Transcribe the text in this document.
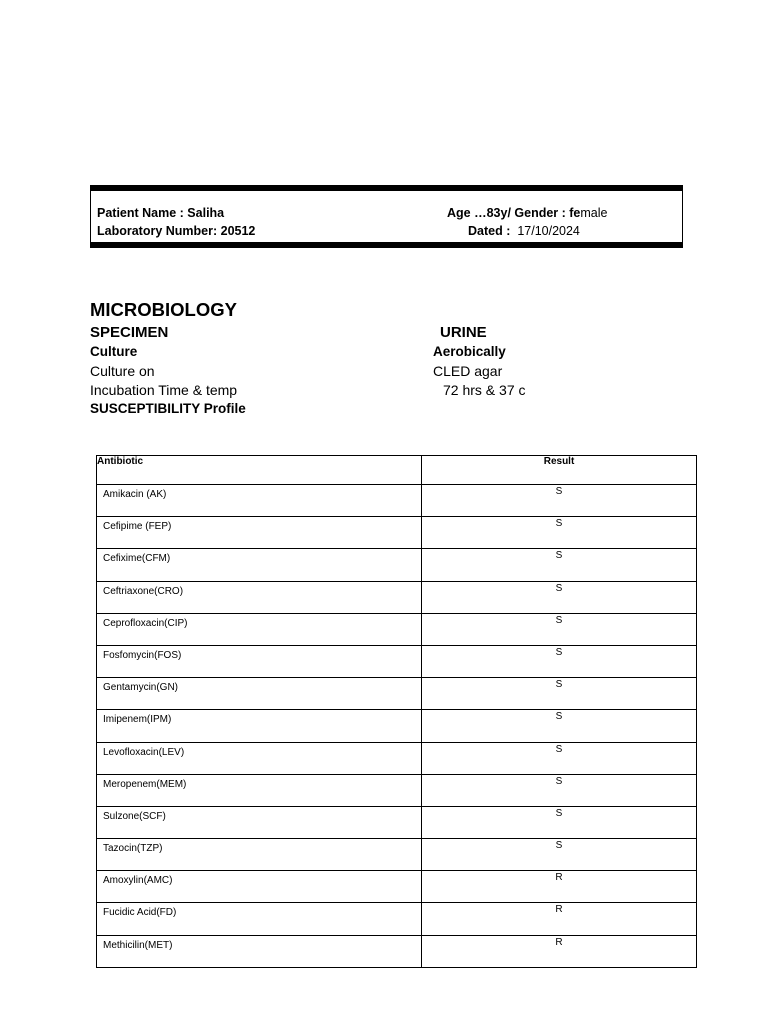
Patient Name : Saliha
Laboratory Number: 20512
Age …83y/ Gender : female
Dated : 17/10/2024
MICROBIOLOGY
SPECIMEN	URINE
Culture	Aerobically
Culture on	CLED agar
Incubation Time & temp	72 hrs & 37 c
SUSCEPTIBILITY Profile
Antibiotic	Result
Amikacin (AK)	S
Cefipime (FEP)	S
Cefixime(CFM)	S
Ceftriaxone(CRO)	S
Ceprofloxacin(CIP)	S
Fosfomycin(FOS)	S
Gentamycin(GN)	S
Imipenem(IPM)	S
Levofloxacin(LEV)	S
Meropenem(MEM)	S
Sulzone(SCF)	S
Tazocin(TZP)	S
Amoxylin(AMC)	R
Fucidic Acid(FD)	R
Methicilin(MET)	R
